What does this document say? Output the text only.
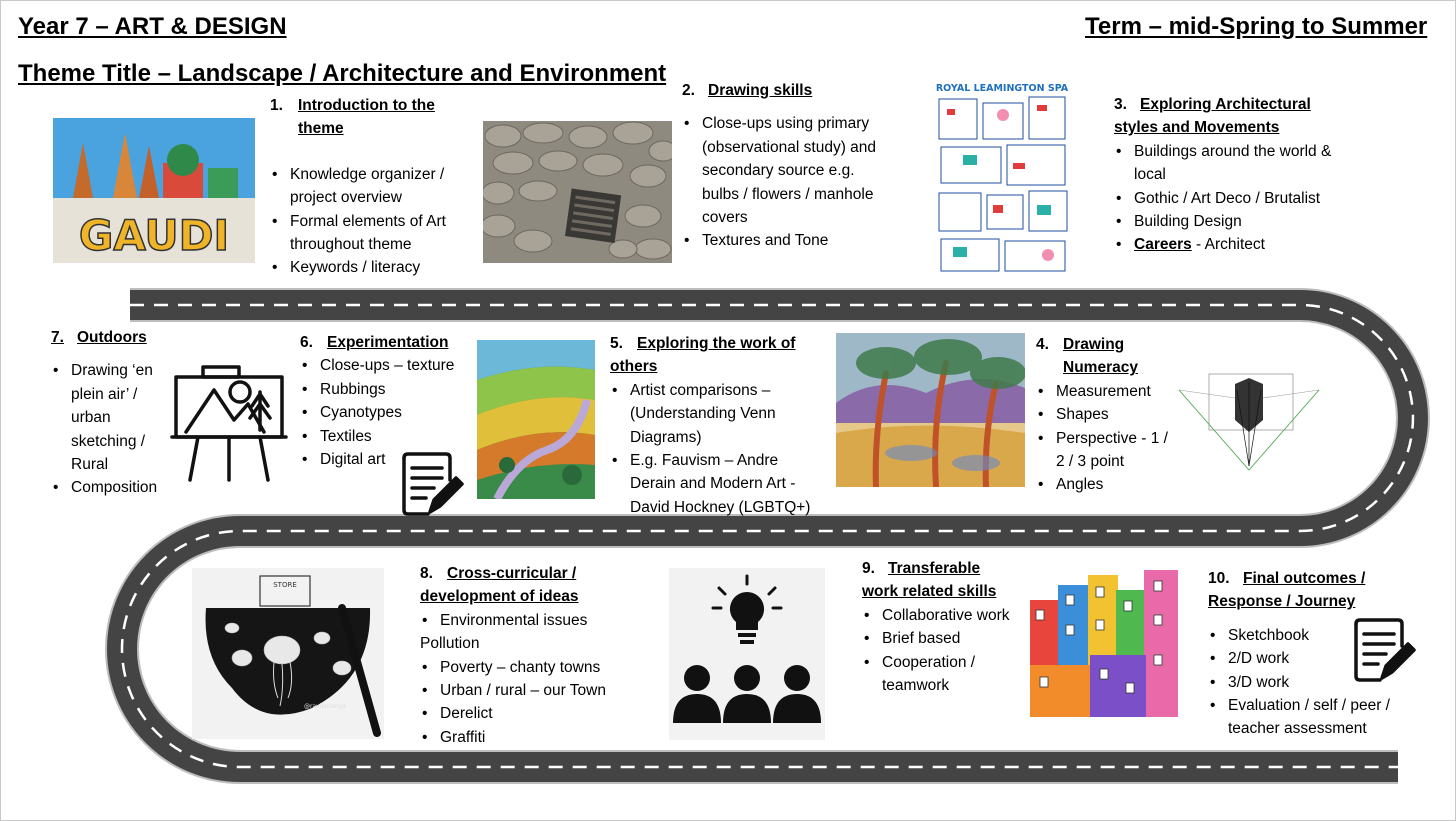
Year 7 – ART & DESIGN	Term – mid-Spring to Summer
Theme Title – Landscape / Architecture and Environment
GAUDI
ROYAL LEAMINGTON SPA
STORE
@ravikoranga
1. Introduction to the theme
• Knowledge organizer / project overview
• Formal elements of Art throughout theme
• Keywords / literacy
2. Drawing skills
• Close-ups using primary (observational study) and secondary source e.g. bulbs / flowers / manhole covers
• Textures and Tone
3. Exploring Architectural styles and Movements
• Buildings around the world & local
• Gothic / Art Deco / Brutalist
• Building Design
• Careers - Architect
7. Outdoors
• Drawing ‘en plein air’ / urban sketching / Rural
• Composition
6. Experimentation
• Close-ups – texture
• Rubbings
• Cyanotypes
• Textiles
• Digital art
5. Exploring the work of others
• Artist comparisons – (Understanding Venn Diagrams)
• E.g. Fauvism – Andre Derain and Modern Art - David Hockney (LGBTQ+)
4. Drawing Numeracy
• Measurement
• Shapes
• Perspective - 1 / 2 / 3 point
• Angles
8. Cross-curricular / development of ideas
• Environmental issues
Pollution
• Poverty – chanty towns
• Urban / rural – our Town
• Derelict
• Graffiti
9. Transferable work related skills
• Collaborative work
• Brief based
• Cooperation / teamwork
10. Final outcomes / Response / Journey
• Sketchbook
• 2/D work
• 3/D work
• Evaluation / self / peer / teacher assessment
